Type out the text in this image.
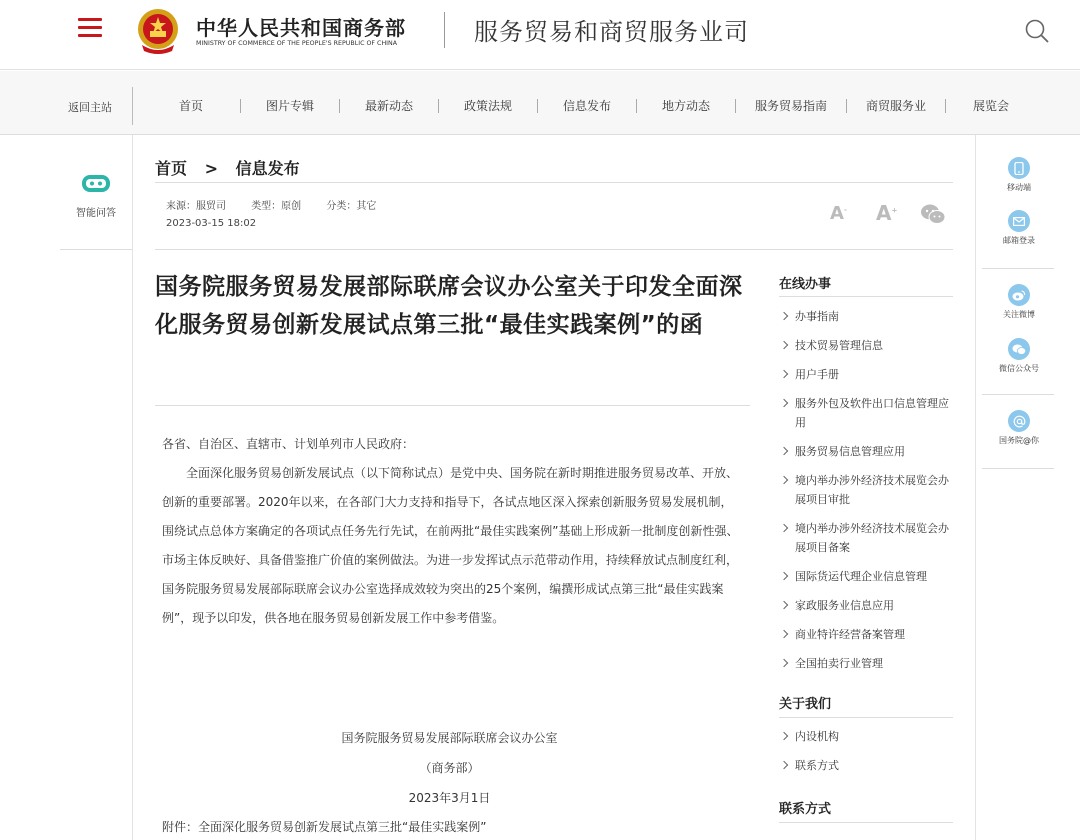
中华人民共和国商务部
MINISTRY OF COMMERCE OF THE PEOPLE'S REPUBLIC OF CHINA	服务贸易和商贸服务业司
返回主站	首页	图片专辑	最新动态	政策法规	信息发布	地方动态	服务贸易指南	商贸服务业	展览会
智能问答
首页 > 信息发布
来源：服贸司	类型：原创	分类：其它
2023-03-15 18:02	A- A+
国务院服务贸易发展部际联席会议办公室关于印发全面深化服务贸易创新发展试点第三批“最佳实践案例”的函

各省、自治区、直辖市、计划单列市人民政府：

全面深化服务贸易创新发展试点（以下简称试点）是党中央、国务院在新时期推进服务贸易改革、开放、创新的重要部署。2020年以来，在各部门大力支持和指导下，各试点地区深入探索创新服务贸易发展机制，围绕试点总体方案确定的各项试点任务先行先试，在前两批“最佳实践案例”基础上形成新一批制度创新性强、市场主体反映好、具备借鉴推广价值的案例做法。为进一步发挥试点示范带动作用，持续释放试点制度红利，国务院服务贸易发展部际联席会议办公室选择成效较为突出的25个案例，编撰形成试点第三批“最佳实践案例”，现予以印发，供各地在服务贸易创新发展工作中参考借鉴。

国务院服务贸易发展部际联席会议办公室
（商务部）
2023年3月1日
附件：全面深化服务贸易创新发展试点第三批“最佳实践案例”
在线办事
办事指南
技术贸易管理信息
用户手册
服务外包及软件出口信息管理应用
服务贸易信息管理应用
境内举办涉外经济技术展览会办展项目审批
境内举办涉外经济技术展览会办展项目备案
国际货运代理企业信息管理
家政服务业信息应用
商业特许经营备案管理
全国拍卖行业管理
关于我们
内设机构
联系方式
联系方式
移动端
邮箱登录
关注微博
微信公众号
国务院@你
